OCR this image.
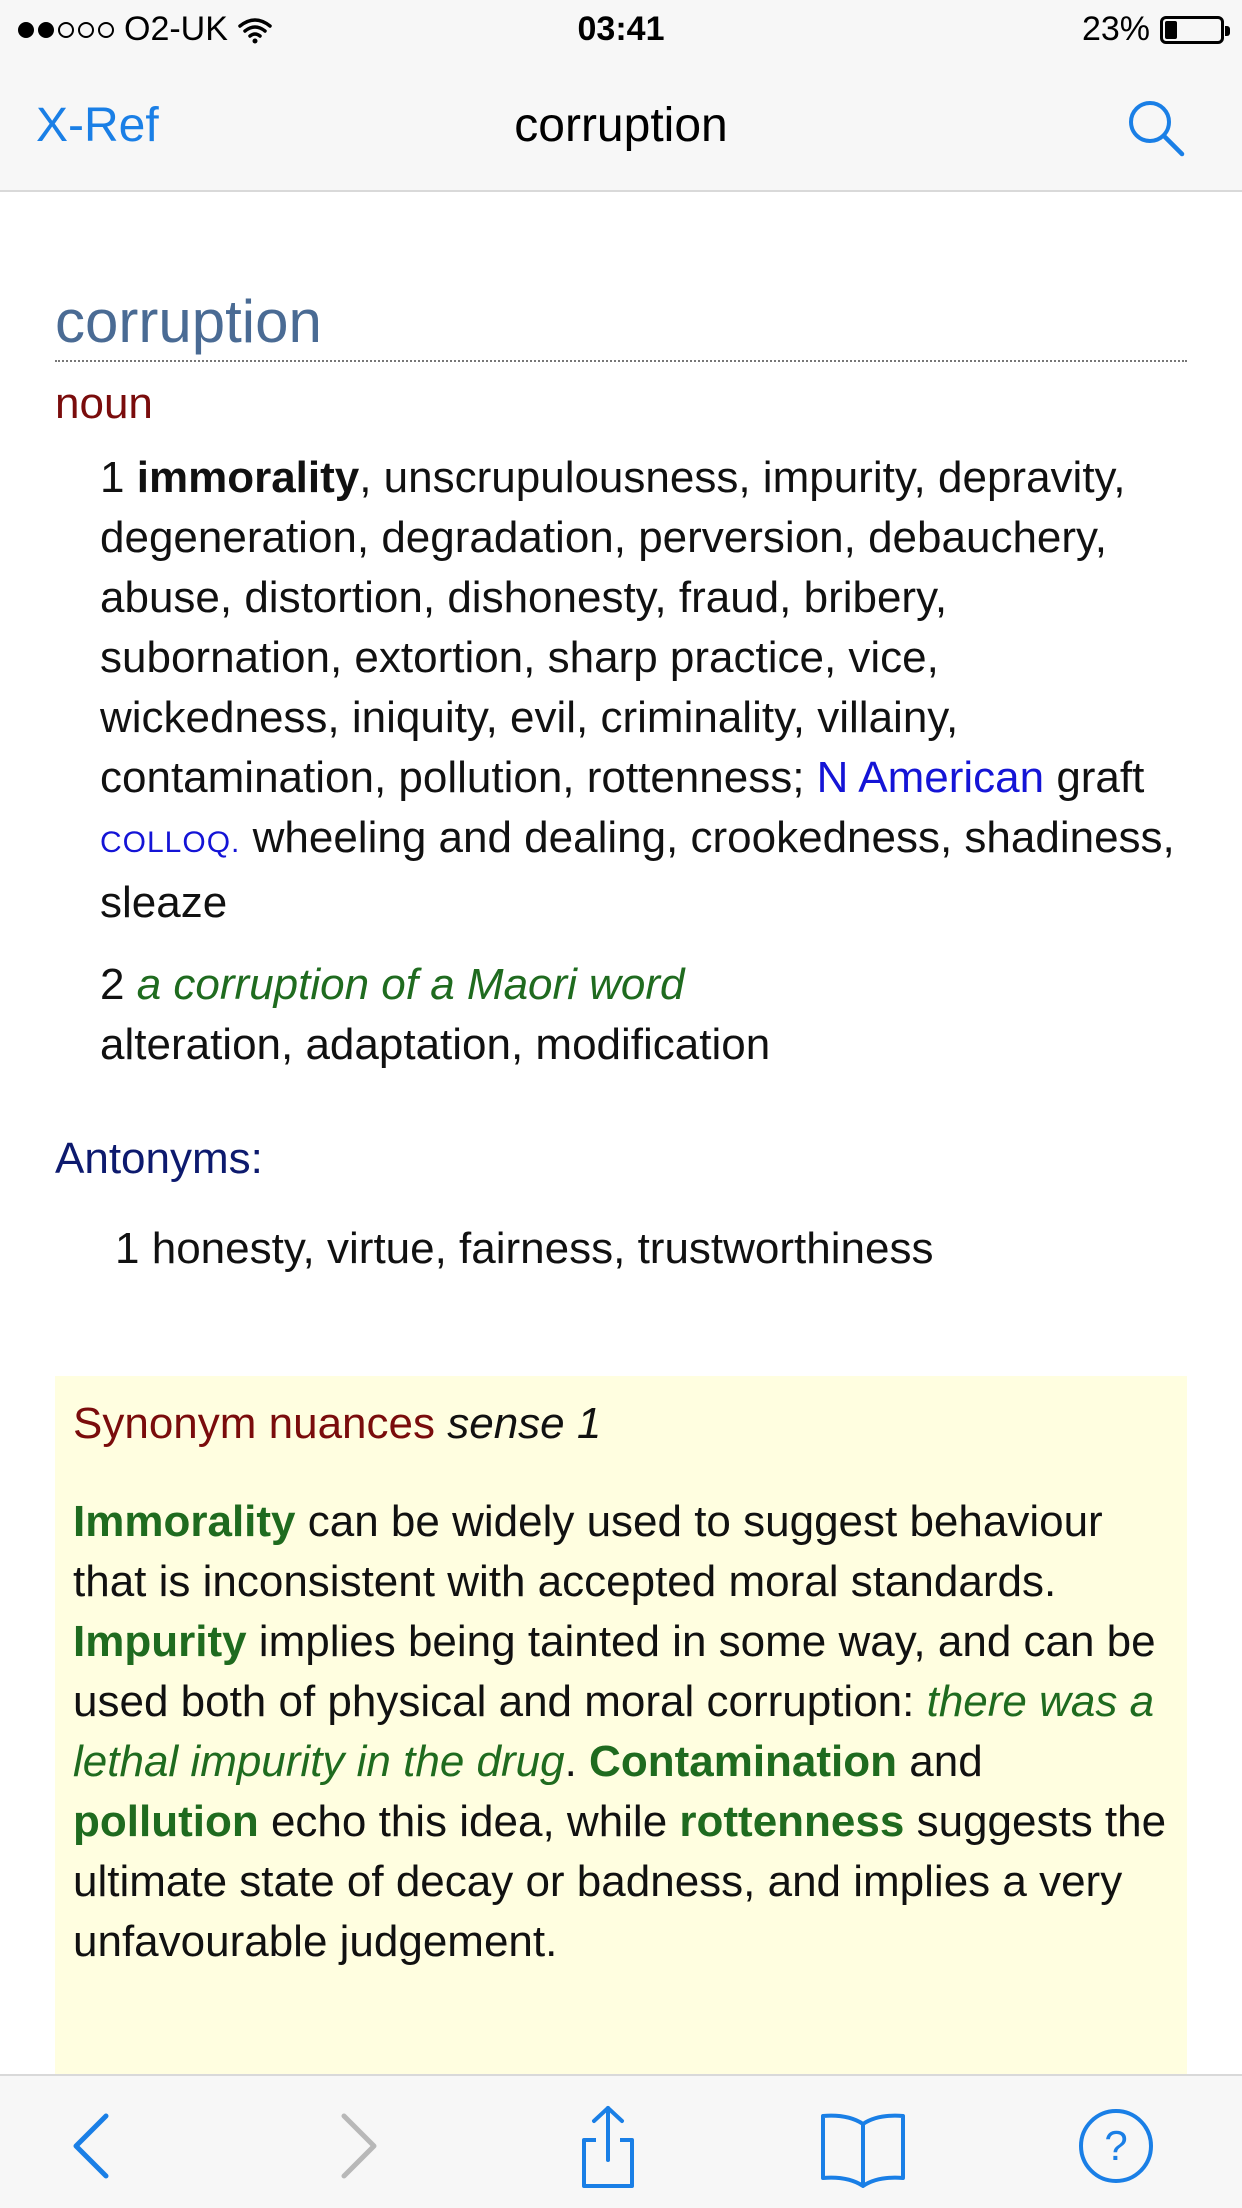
O2-UK	03:41	23%
X-Ref	corruption
corruption
noun
1 immorality, unscrupulousness, impurity, depravity, degeneration, degradation, perversion, debauchery, abuse, distortion, dishonesty, fraud, bribery, subornation, extortion, sharp practice, vice, wickedness, iniquity, evil, criminality, villainy, contamination, pollution, rottenness; N American graft
COLLOQ. wheeling and dealing, crookedness, shadiness, sleaze
2 a corruption of a Maori word
alteration, adaptation, modification
Antonyms:
1 honesty, virtue, fairness, trustworthiness
Synonym nuances sense 1
Immorality can be widely used to suggest behaviour that is inconsistent with accepted moral standards. Impurity implies being tainted in some way, and can be used both of physical and moral corruption: there was a lethal impurity in the drug. Contamination and pollution echo this idea, while rottenness suggests the ultimate state of decay or badness, and implies a very unfavourable judgement.
?
